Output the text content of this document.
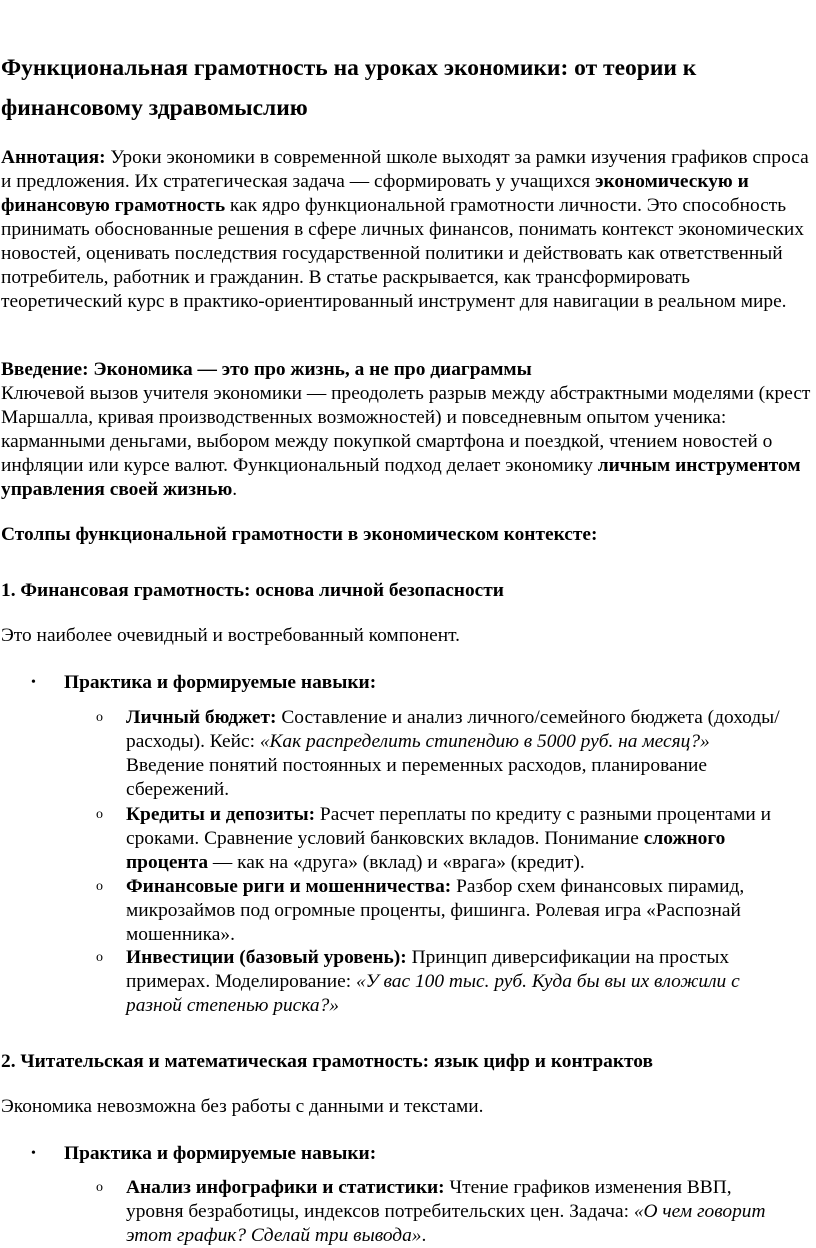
Функциональная грамотность на уроках экономики: от теории к финансовому здравомыслию

Аннотация: Уроки экономики в современной школе выходят за рамки изучения графиков спроса и предложения. Их стратегическая задача — сформировать у учащихся экономическую и финансовую грамотность как ядро функциональной грамотности личности. Это способность принимать обоснованные решения в сфере личных финансов, понимать контекст экономических новостей, оценивать последствия государственной политики и действовать как ответственный потребитель, работник и гражданин. В статье раскрывается, как трансформировать теоретический курс в практико-ориентированный инструмент для навигации в реальном мире.

Введение: Экономика — это про жизнь, а не про диаграммы

Ключевой вызов учителя экономики — преодолеть разрыв между абстрактными моделями (крест Маршалла, кривая производственных возможностей) и повседневным опытом ученика: карманными деньгами, выбором между покупкой смартфона и поездкой, чтением новостей о инфляции или курсе валют. Функциональный подход делает экономику личным инструментом управления своей жизнью.

Столпы функциональной грамотности в экономическом контексте:

1. Финансовая грамотность: основа личной безопасности

Это наиболее очевидный и востребованный компонент.

• Практика и формируемые навыки:
o Личный бюджет: Составление и анализ личного/семейного бюджета (доходы/расходы). Кейс: «Как распределить стипендию в 5000 руб. на месяц?» Введение понятий постоянных и переменных расходов, планирование сбережений.

o Кредиты и депозиты: Расчет переплаты по кредиту с разными процентами и сроками. Сравнение условий банковских вкладов. Понимание сложного процента — как на «друга» (вклад) и «врага» (кредит).

o Финансовые риги и мошенничества: Разбор схем финансовых пирамид, микрозаймов под огромные проценты, фишинга. Ролевая игра «Распознай мошенника».

o Инвестиции (базовый уровень): Принцип диверсификации на простых примерах. Моделирование: «У вас 100 тыс. руб. Куда бы вы их вложили с разной степенью риска?»

2. Читательская и математическая грамотность: язык цифр и контрактов

Экономика невозможна без работы с данными и текстами.

• Практика и формируемые навыки:
o Анализ инфографики и статистики: Чтение графиков изменения ВВП, уровня безработицы, индексов потребительских цен. Задача: «О чем говорит этот график? Сделай три вывода».
